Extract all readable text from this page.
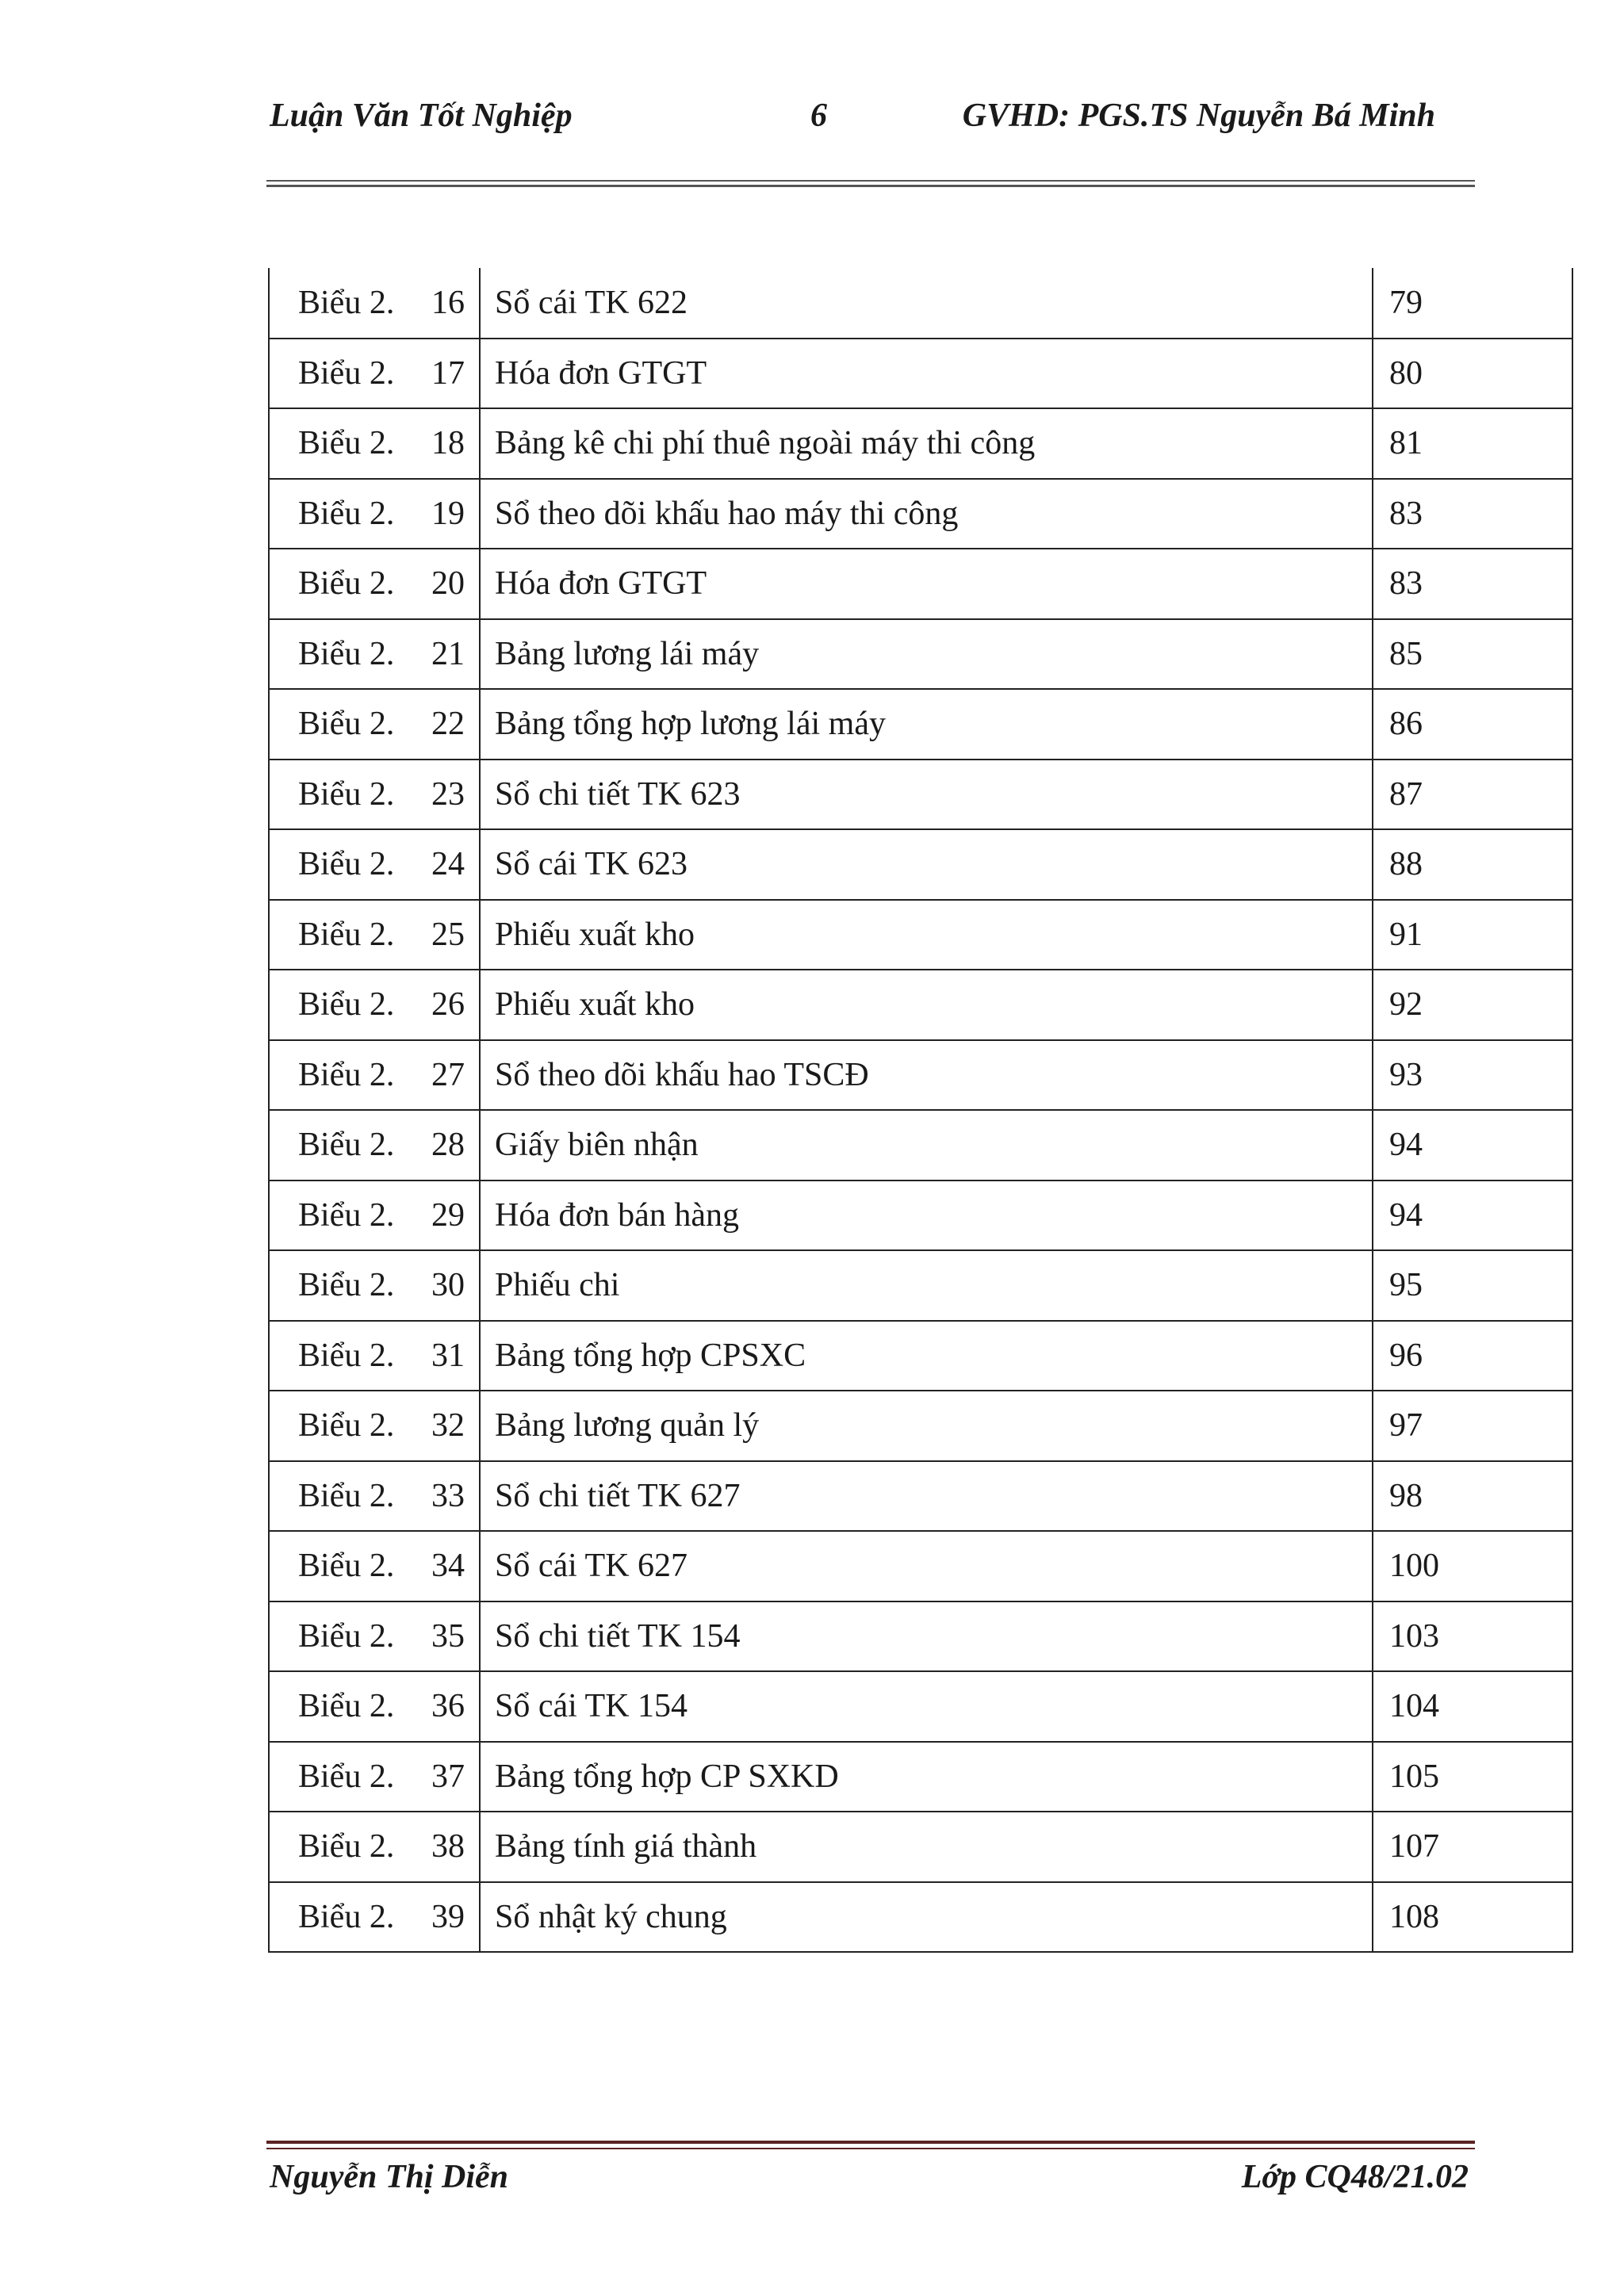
Luận Văn Tốt Nghiệp	6	GVHD: PGS.TS Nguyễn Bá Minh
Biểu 2. 16	Sổ cái TK 622	79

Biểu 2. 17	Hóa đơn GTGT	80

Biểu 2. 18	Bảng kê chi phí thuê ngoài máy thi công	81

Biểu 2. 19	Sổ theo dõi khấu hao máy thi công	83

Biểu 2. 20	Hóa đơn GTGT	83

Biểu 2. 21	Bảng lương lái máy	85

Biểu 2. 22	Bảng tổng hợp lương lái máy	86

Biểu 2. 23	Sổ chi tiết TK 623	87

Biểu 2. 24	Sổ cái TK 623	88

Biểu 2. 25	Phiếu xuất kho	91

Biểu 2. 26	Phiếu xuất kho	92

Biểu 2. 27	Sổ theo dõi khấu hao TSCĐ	93

Biểu 2. 28	Giấy biên nhận	94

Biểu 2. 29	Hóa đơn bán hàng	94

Biểu 2. 30	Phiếu chi	95

Biểu 2. 31	Bảng tổng hợp CPSXC	96

Biểu 2. 32	Bảng lương quản lý	97

Biểu 2. 33	Sổ chi tiết TK 627	98

Biểu 2. 34	Sổ cái TK 627	100

Biểu 2. 35	Sổ chi tiết TK 154	103

Biểu 2. 36	Sổ cái TK 154	104

Biểu 2. 37	Bảng tổng hợp CP SXKD	105

Biểu 2. 38	Bảng tính giá thành	107

Biểu 2. 39	Sổ nhật ký chung	108
Nguyễn Thị Diễn	Lớp CQ48/21.02
